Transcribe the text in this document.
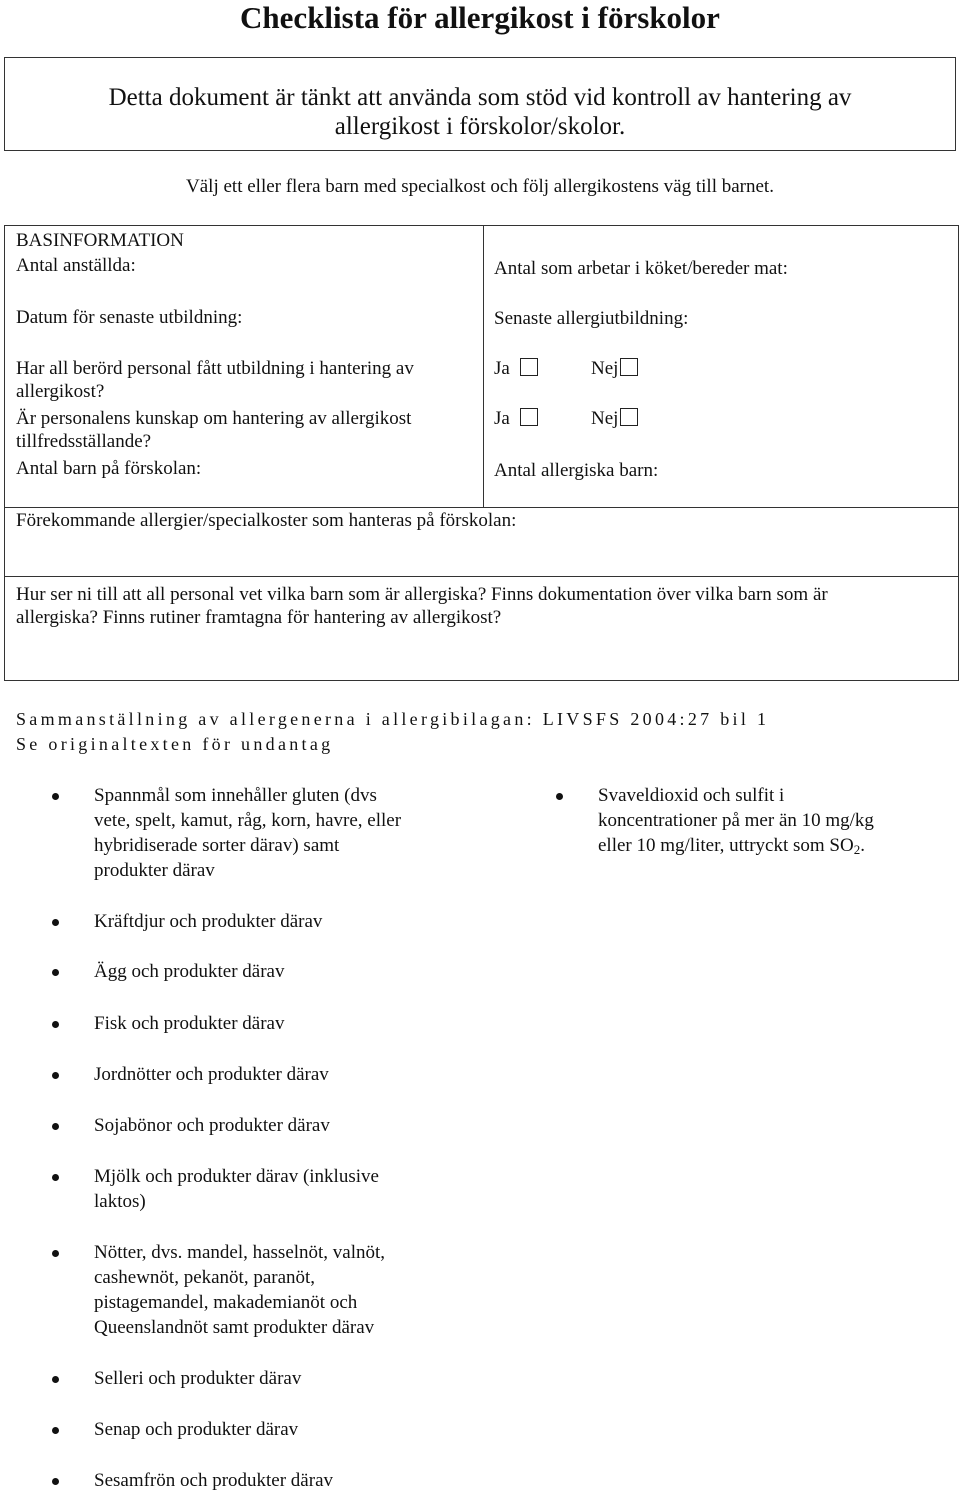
Checklista för allergikost i förskolor
Detta dokument är tänkt att använda som stöd vid kontroll av hantering av
allergikost i förskolor/skolor.
Välj ett eller flera barn med specialkost och följ allergikostens väg till barnet.
BASINFORMATION
Antal anställda:	Antal som arbetar i köket/bereder mat:
Datum för senaste utbildning:	Senaste allergiutbildning:
Har all berörd personal fått utbildning i hantering av
allergikost?
Ja	Nej
Är personalens kunskap om hantering av allergikost
tillfredsställande?
Ja	Nej
Antal barn på förskolan:	Antal allergiska barn:
Förekommande allergier/specialkoster som hanteras på förskolan:
Hur ser ni till att all personal vet vilka barn som är allergiska? Finns dokumentation över vilka barn som är
allergiska? Finns rutiner framtagna för hantering av allergikost?
Sammanställning av allergenerna i allergibilagan: LIVSFS 2004:27 bil 1
Se originaltexten för undantag
Spannmål som innehåller gluten (dvs
vete, spelt, kamut, råg, korn, havre, eller
hybridiserade sorter därav) samt
produkter därav
Kräftdjur och produkter därav
Ägg och produkter därav
Fisk och produkter därav
Jordnötter och produkter därav
Sojabönor och produkter därav
Mjölk och produkter därav (inklusive
laktos)
Nötter, dvs. mandel, hasselnöt, valnöt,
cashewnöt, pekanöt, paranöt,
pistagemandel, makademianöt och
Queenslandnöt samt produkter därav
Selleri och produkter därav
Senap och produkter därav
Sesamfrön och produkter därav
Svaveldioxid och sulfit i
koncentrationer på mer än 10 mg/kg
eller 10 mg/liter, uttryckt som $SO_2$.
